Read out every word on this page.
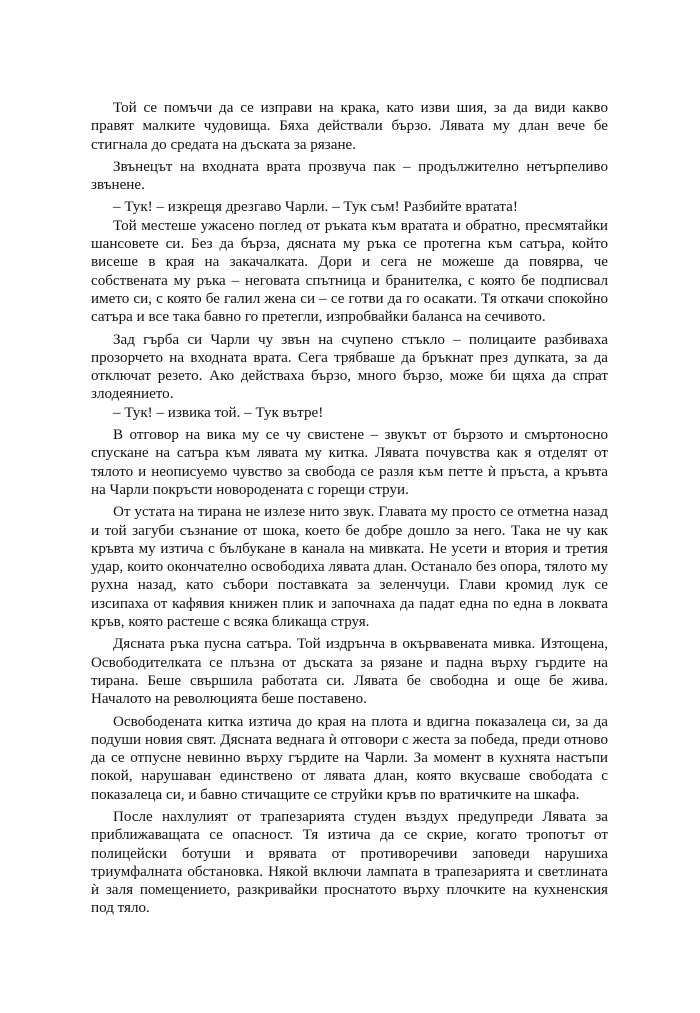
Той се помъчи да се изправи на крака, като изви шия, за да види какво правят малките чудовища. Бяха действали бързо. Лявата му длан вече бе стигнала до средата на дъската за рязане.

Звънецът на входната врата прозвуча пак – продължително нетърпеливо звънене.

– Тук! – изкрещя дрезгаво Чарли. – Тук съм! Разбийте вратата!

Той местеше ужасено поглед от ръката към вратата и обратно, пресмятайки шансовете си. Без да бърза, дясната му ръка се протегна към сатъра, който висеше в края на закачалката. Дори и сега не можеше да повярва, че собствената му ръка – неговата спътница и бранителка, с която бе подписвал името си, с която бе галил жена си – се готви да го осакати. Тя откачи спокойно сатъра и все така бавно го претегли, изпробвайки баланса на сечивото.

Зад гърба си Чарли чу звън на счупено стъкло – полицаите разбиваха прозорчето на входната врата. Сега трябваше да бръкнат през дупката, за да отключат резето. Ако действаха бързо, много бързо, може би щяха да спрат злодеянието.

– Тук! – извика той. – Тук вътре!

В отговор на вика му се чу свистене – звукът от бързото и смъртоносно спускане на сатъра към лявата му китка. Лявата почувства как я отделят от тялото и неописуемо чувство за свобода се разля към петте ѝ пръста, а кръвта на Чарли покръсти новородената с горещи струи.

От устата на тирана не излезе нито звук. Главата му просто се отметна назад и той загуби съзнание от шока, което бе добре дошло за него. Така не чу как кръвта му изтича с бълбукане в канала на мивката. Не усети и втория и третия удар, които окончателно освободиха лявата длан. Останало без опора, тялото му рухна назад, като събори поставката за зеленчуци. Глави кромид лук се изсипаха от кафявия книжен плик и започнаха да падат една по една в локвата кръв, която растеше с всяка бликаща струя.

Дясната ръка пусна сатъра. Той издрънча в окървавената мивка. Изтощена, Освободителката се плъзна от дъската за рязане и падна върху гърдите на тирана. Беше свършила работата си. Лявата бе свободна и още бе жива. Началото на революцията беше поставено.

Освободената китка изтича до края на плота и вдигна показалеца си, за да подуши новия свят. Дясната веднага ѝ отговори с жеста за победа, преди отново да се отпусне невинно върху гърдите на Чарли. За момент в кухнята настъпи покой, нарушаван единствено от лявата длан, която вкусваше свободата с показалеца си, и бавно стичащите се струйки кръв по вратичките на шкафа.

После нахлулият от трапезарията студен въздух предупреди Лявата за приближаващата се опасност. Тя изтича да се скрие, когато тропотът от полицейски ботуши и врявата от противоречиви заповеди нарушиха триумфалната обстановка. Някой включи лампата в трапезарията и светлината ѝ заля помещението, разкривайки проснатото върху плочките на кухненския под тяло.
